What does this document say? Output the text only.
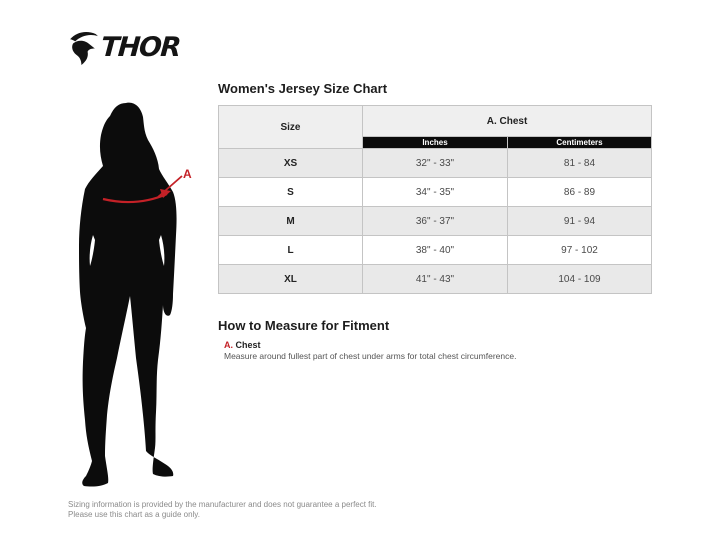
THOR
A
Women's Jersey Size Chart
Size	A. Chest	
	Inches	Centimeters
XS	32" - 33"	81 - 84
S	34" - 35"	86 - 89
M	36" - 37"	91 - 94
L	38" - 40"	97 - 102
XL	41" - 43"	104 - 109
How to Measure for Fitment
A. Chest
Measure around fullest part of chest under arms for total chest circumference.
Sizing information is provided by the manufacturer and does not guarantee a perfect fit.
Please use this chart as a guide only.
